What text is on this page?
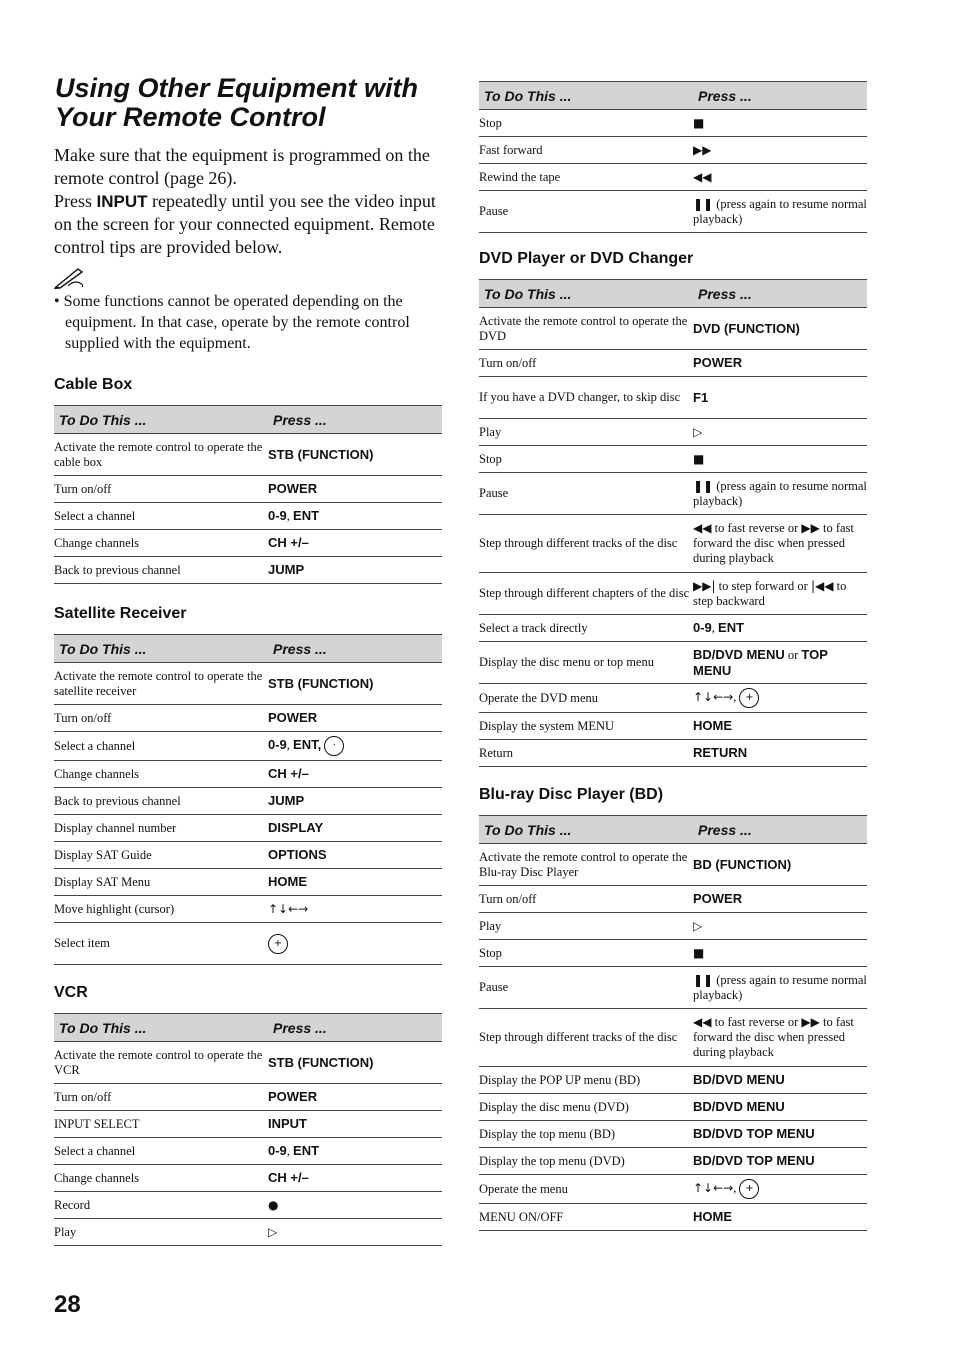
Using Other Equipment with Your Remote Control

Make sure that the equipment is programmed on the remote control (page 26).

Press INPUT repeatedly until you see the video input on the screen for your connected equipment. Remote control tips are provided below.

• Some functions cannot be operated depending on the equipment. In that case, operate by the remote control supplied with the equipment.
Cable Box
To Do This ...	Press ...
Activate the remote control to operate the cable box	STB (FUNCTION)
Turn on/off	POWER
Select a channel	0-9, ENT
Change channels	CH +/–
Back to previous channel	JUMP
Satellite Receiver
To Do This ...	Press ...
Activate the remote control to operate the satellite receiver	STB (FUNCTION)
Turn on/off	POWER
Select a channel	0-9, ENT, ·
Change channels	CH +/–
Back to previous channel	JUMP
Display channel number	DISPLAY
Display SAT Guide	OPTIONS
Display SAT Menu	HOME
Move highlight (cursor)	↑↓←→
Select item	+
VCR
To Do This ...	Press ...
Activate the remote control to operate the VCR	STB (FUNCTION)
Turn on/off	POWER
INPUT SELECT	INPUT
Select a channel	0-9, ENT
Change channels	CH +/–
Record	●
Play	▷
To Do This ...	Press ...
Stop	■
Fast forward	▶▶
Rewind the tape	◀◀
Pause	❚❚ (press again to resume normal playback)
DVD Player or DVD Changer
To Do This ...	Press ...
Activate the remote control to operate the DVD	DVD (FUNCTION)
Turn on/off	POWER
If you have a DVD changer, to skip disc	F1
Play	▷
Stop	■
Pause	❚❚ (press again to resume normal playback)
Step through different tracks of the disc	◀◀ to fast reverse or ▶▶ to fast forward the disc when pressed during playback
Step through different chapters of the disc	▶▶| to step forward or |◀◀ to step backward
Select a track directly	0-9, ENT
Display the disc menu or top menu	BD/DVD MENU or TOP MENU
Operate the DVD menu	↑↓←→, +
Display the system MENU	HOME
Return	RETURN
Blu-ray Disc Player (BD)
To Do This ...	Press ...
Activate the remote control to operate the Blu-ray Disc Player	BD (FUNCTION)
Turn on/off	POWER
Play	▷
Stop	■
Pause	❚❚ (press again to resume normal playback)
Step through different tracks of the disc	◀◀ to fast reverse or ▶▶ to fast forward the disc when pressed during playback
Display the POP UP menu (BD)	BD/DVD MENU
Display the disc menu (DVD)	BD/DVD MENU
Display the top menu (BD)	BD/DVD TOP MENU
Display the top menu (DVD)	BD/DVD TOP MENU
Operate the menu	↑↓←→, +
MENU ON/OFF	HOME
28
